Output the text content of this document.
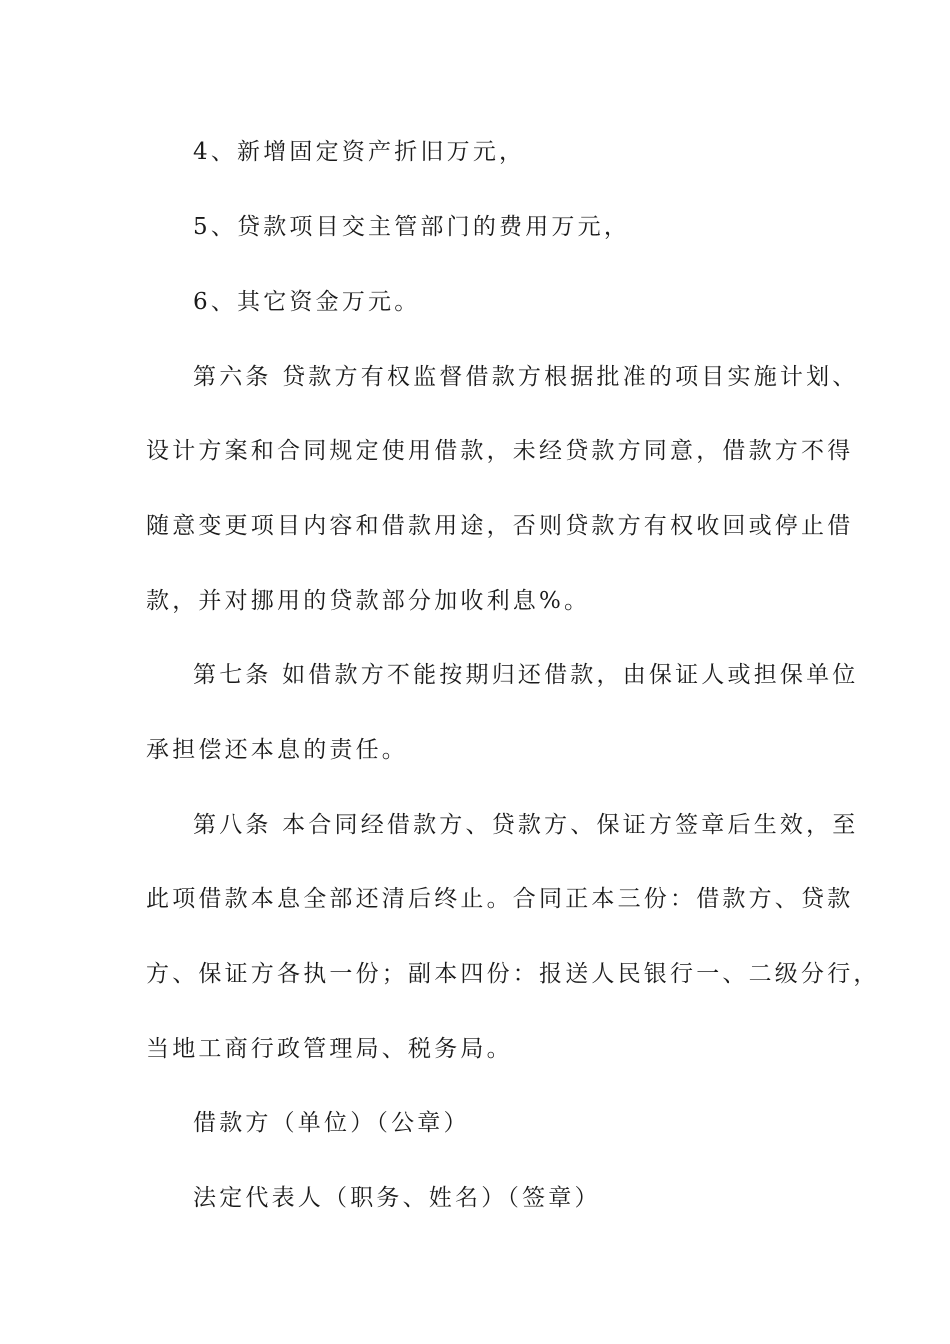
4、新增固定资产折旧万元，
5、贷款项目交主管部门的费用万元，
6、其它资金万元。
第六条 贷款方有权监督借款方根据批准的项目实施计划、
设计方案和合同规定使用借款，未经贷款方同意，借款方不得
随意变更项目内容和借款用途，否则贷款方有权收回或停止借
款，并对挪用的贷款部分加收利息%。
第七条 如借款方不能按期归还借款，由保证人或担保单位
承担偿还本息的责任。
第八条 本合同经借款方、贷款方、保证方签章后生效，至
此项借款本息全部还清后终止。合同正本三份：借款方、贷款
方、保证方各执一份；副本四份：报送人民银行一、二级分行，
当地工商行政管理局、税务局。
借款方（单位）（公章）
法定代表人（职务、姓名）（签章）
